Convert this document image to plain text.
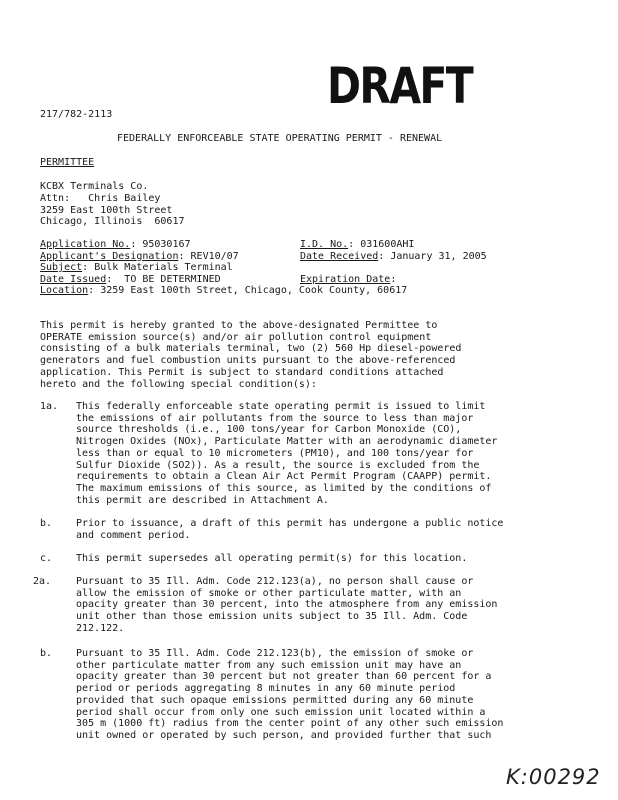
DRAFT
217/782-2113
FEDERALLY ENFORCEABLE STATE OPERATING PERMIT - RENEWAL
PERMITTEE
KCBX Terminals Co.
Attn:   Chris Bailey
3259 East 100th Street
Chicago, Illinois  60617
Application No.: 95030167
Applicant's Designation: REV10/07
Subject: Bulk Materials Terminal
Date Issued:  TO BE DETERMINED
Location: 3259 East 100th Street, Chicago, Cook County, 60617
I.D. No.: 031600AHI
Date Received: January 31, 2005
Expiration Date:
This permit is hereby granted to the above-designated Permittee to OPERATE emission source(s) and/or air pollution control equipment consisting of a bulk materials terminal, two (2) 560 Hp diesel-powered generators and fuel combustion units pursuant to the above-referenced application. This Permit is subject to standard conditions attached hereto and the following special condition(s):
1a. This federally enforceable state operating permit is issued to limit the emissions of air pollutants from the source to less than major source thresholds (i.e., 100 tons/year for Carbon Monoxide (CO), Nitrogen Oxides (NOx), Particulate Matter with an aerodynamic diameter less than or equal to 10 micrometers (PM10), and 100 tons/year for Sulfur Dioxide (SO2)). As a result, the source is excluded from the requirements to obtain a Clean Air Act Permit Program (CAAPP) permit. The maximum emissions of this source, as limited by the conditions of this permit are described in Attachment A.
b. Prior to issuance, a draft of this permit has undergone a public notice and comment period.
c. This permit supersedes all operating permit(s) for this location.
2a. Pursuant to 35 Ill. Adm. Code 212.123(a), no person shall cause or allow the emission of smoke or other particulate matter, with an opacity greater than 30 percent, into the atmosphere from any emission unit other than those emission units subject to 35 Ill. Adm. Code 212.122.
b. Pursuant to 35 Ill. Adm. Code 212.123(b), the emission of smoke or other particulate matter from any such emission unit may have an opacity greater than 30 percent but not greater than 60 percent for a period or periods aggregating 8 minutes in any 60 minute period provided that such opaque emissions permitted during any 60 minute period shall occur from only one such emission unit located within a 305 m (1000 ft) radius from the center point of any other such emission unit owned or operated by such person, and provided further that such
K:00292
